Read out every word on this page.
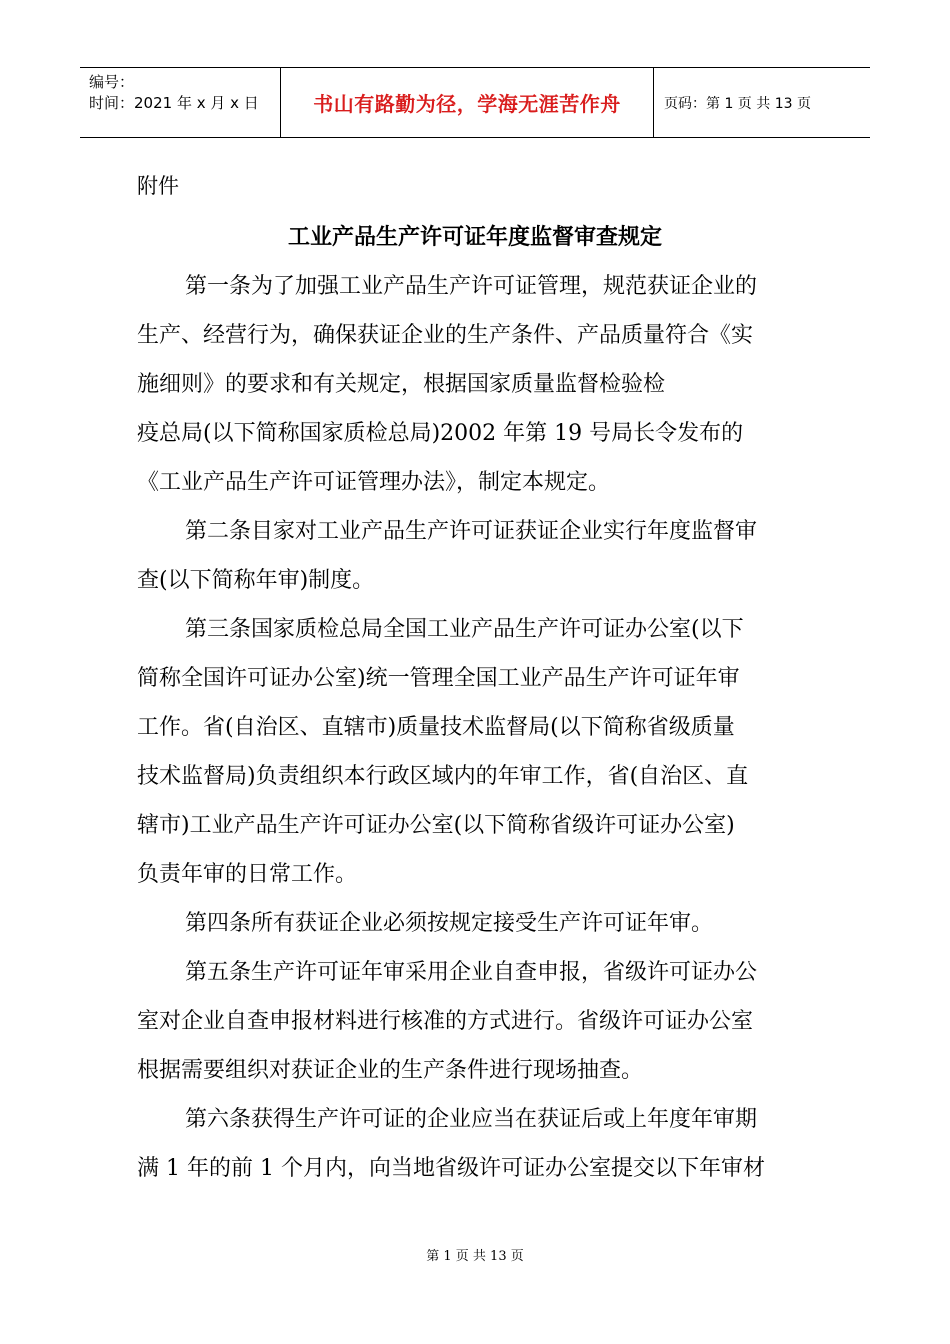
编号：
时间：2021 年 x 月 x 日	书山有路勤为径，学海无涯苦作舟	页码：第 1 页 共 13 页
附件
工业产品生产许可证年度监督审查规定
第一条为了加强工业产品生产许可证管理，规范获证企业的
生产、经营行为，确保获证企业的生产条件、产品质量符合《实
施细则》的要求和有关规定，根据国家质量监督检验检
疫总局(以下简称国家质检总局)2002 年第 19 号局长令发布的
《工业产品生产许可证管理办法》，制定本规定。
第二条目家对工业产品生产许可证获证企业实行年度监督审
查(以下简称年审)制度。
第三条国家质检总局全国工业产品生产许可证办公室(以下
简称全国许可证办公室)统一管理全国工业产品生产许可证年审
工作。省(自治区、直辖市)质量技术监督局(以下简称省级质量
技术监督局)负责组织本行政区域内的年审工作，省(自治区、直
辖市)工业产品生产许可证办公室(以下简称省级许可证办公室)
负责年审的日常工作。
第四条所有获证企业必须按规定接受生产许可证年审。
第五条生产许可证年审采用企业自查申报，省级许可证办公
室对企业自查申报材料进行核准的方式进行。省级许可证办公室
根据需要组织对获证企业的生产条件进行现场抽查。
第六条获得生产许可证的企业应当在获证后或上年度年审期
满 1 年的前 1 个月内，向当地省级许可证办公室提交以下年审材
第 1 页 共 13 页
